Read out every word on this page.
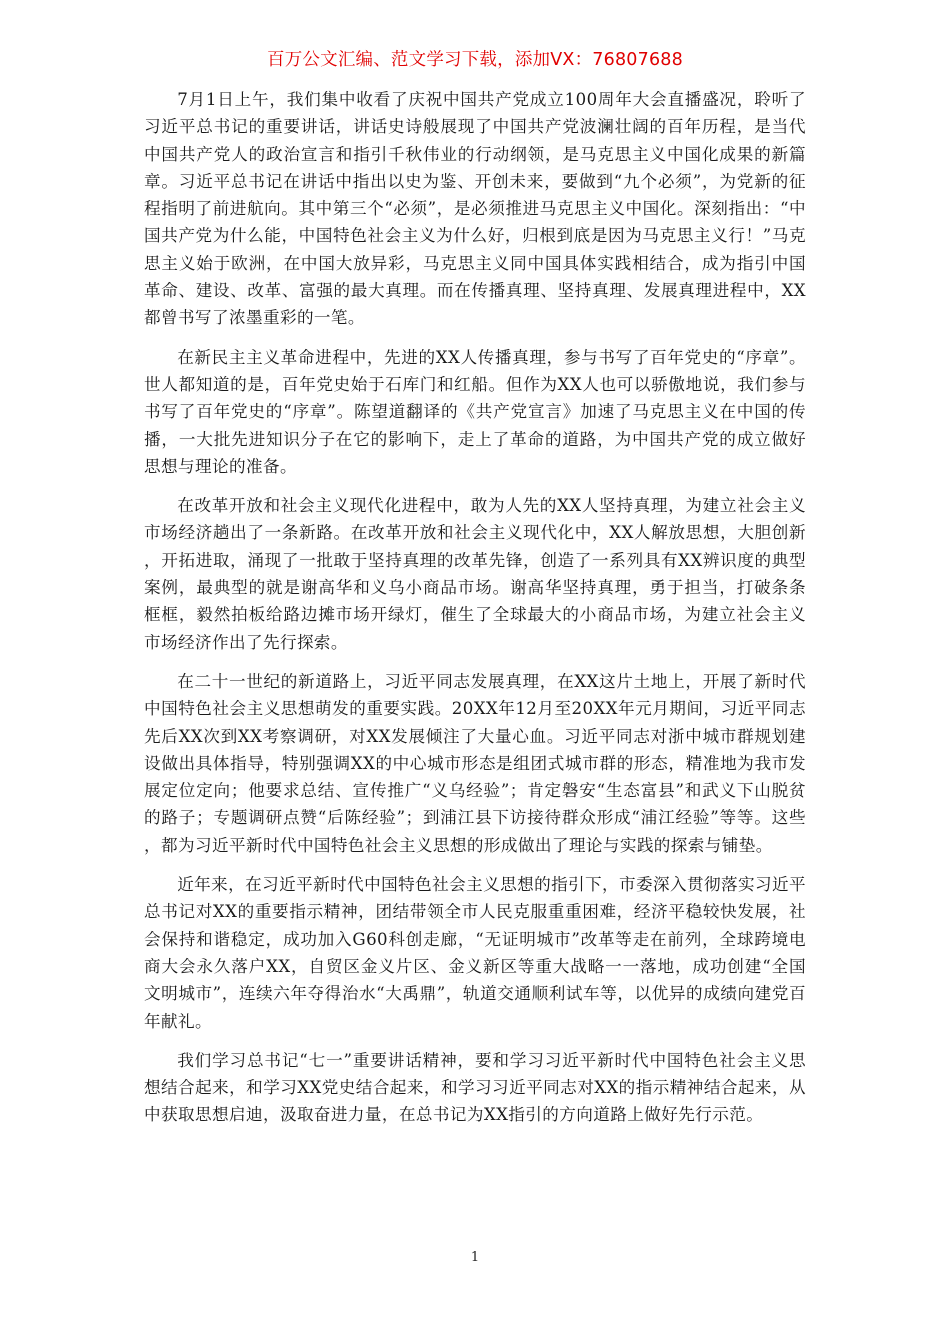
百万公文汇编、范文学习下载，添加VX：76807688

7月1日上午，我们集中收看了庆祝中国共产党成立100周年大会直播盛况，聆听了习近平总书记的重要讲话，讲话史诗般展现了中国共产党波澜壮阔的百年历程，是当代中国共产党人的政治宣言和指引千秋伟业的行动纲领，是马克思主义中国化成果的新篇章。习近平总书记在讲话中指出以史为鉴、开创未来，要做到“九个必须”，为党新的征程指明了前进航向。其中第三个“必须”，是必须推进马克思主义中国化。深刻指出：“中国共产党为什么能，中国特色社会主义为什么好，归根到底是因为马克思主义行！”马克思主义始于欧洲，在中国大放异彩，马克思主义同中国具体实践相结合，成为指引中国革命、建设、改革、富强的最大真理。而在传播真理、坚持真理、发展真理进程中，XX都曾书写了浓墨重彩的一笔。

在新民主主义革命进程中，先进的XX人传播真理，参与书写了百年党史的“序章”。世人都知道的是，百年党史始于石库门和红船。但作为XX人也可以骄傲地说，我们参与书写了百年党史的“序章”。陈望道翻译的《共产党宣言》加速了马克思主义在中国的传播，一大批先进知识分子在它的影响下，走上了革命的道路，为中国共产党的成立做好思想与理论的准备。

在改革开放和社会主义现代化进程中，敢为人先的XX人坚持真理，为建立社会主义市场经济趟出了一条新路。在改革开放和社会主义现代化中，XX人解放思想，大胆创新，开拓进取，涌现了一批敢于坚持真理的改革先锋，创造了一系列具有XX辨识度的典型案例，最典型的就是谢高华和义乌小商品市场。谢高华坚持真理，勇于担当，打破条条框框，毅然拍板给路边摊市场开绿灯，催生了全球最大的小商品市场，为建立社会主义市场经济作出了先行探索。

在二十一世纪的新道路上，习近平同志发展真理，在XX这片土地上，开展了新时代中国特色社会主义思想萌发的重要实践。20XX年12月至20XX年元月期间，习近平同志先后XX次到XX考察调研，对XX发展倾注了大量心血。习近平同志对浙中城市群规划建设做出具体指导，特别强调XX的中心城市形态是组团式城市群的形态，精准地为我市发展定位定向；他要求总结、宣传推广“义乌经验”；肯定磐安“生态富县”和武义下山脱贫的路子；专题调研点赞“后陈经验”；到浦江县下访接待群众形成“浦江经验”等等。这些，都为习近平新时代中国特色社会主义思想的形成做出了理论与实践的探索与铺垫。

近年来，在习近平新时代中国特色社会主义思想的指引下，市委深入贯彻落实习近平总书记对XX的重要指示精神，团结带领全市人民克服重重困难，经济平稳较快发展，社会保持和谐稳定，成功加入G60科创走廊，“无证明城市”改革等走在前列，全球跨境电商大会永久落户XX，自贸区金义片区、金义新区等重大战略一一落地，成功创建“全国文明城市”，连续六年夺得治水“大禹鼎”，轨道交通顺利试车等，以优异的成绩向建党百年献礼。

我们学习总书记“七一”重要讲话精神，要和学习习近平新时代中国特色社会主义思想结合起来，和学习XX党史结合起来，和学习习近平同志对XX的指示精神结合起来，从中获取思想启迪，汲取奋进力量，在总书记为XX指引的方向道路上做好先行示范。

1
